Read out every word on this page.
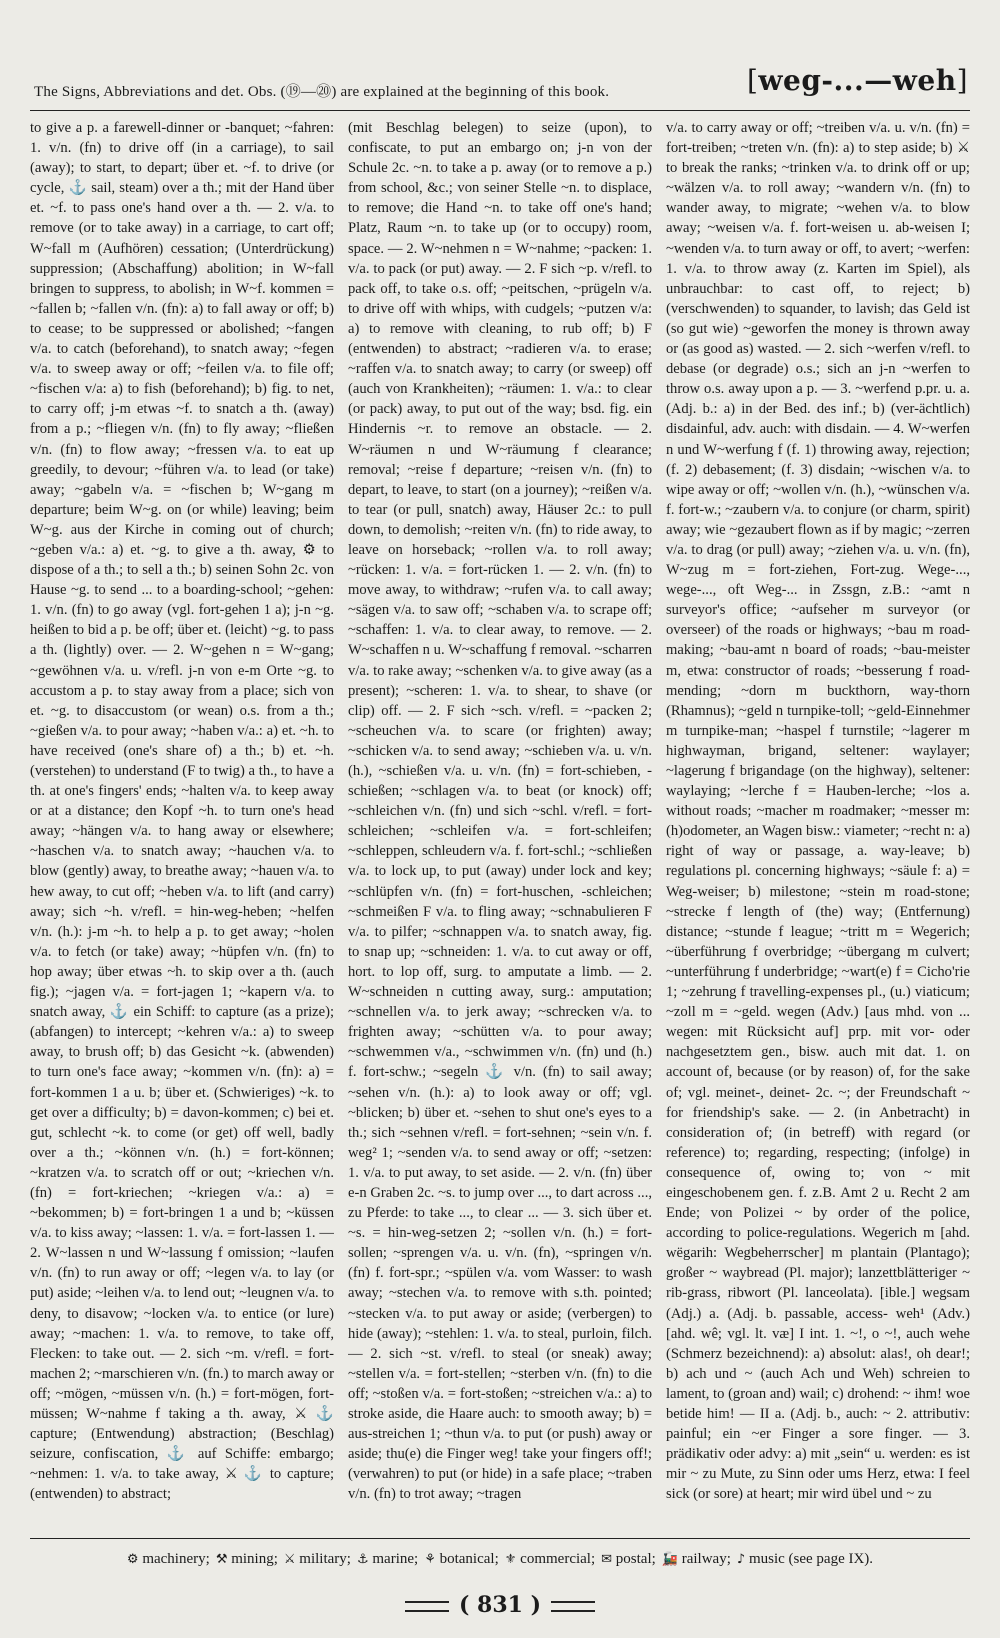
The Signs, Abbreviations and det. Obs. (⑲—⑳) are explained at the beginning of this book.	[weg-...—weh]

to give a p. a farewell-dinner or -banquet; ~fahren: 1. v/n. (fn) to drive off (in a carriage), to sail (away); to start, to depart; über et. ~f. to drive (or cycle, ⚓ sail, steam) over a th.; mit der Hand über et. ~f. to pass one's hand over a th. — 2. v/a. to remove (or to take away) in a carriage, to cart off; W~fall m (Aufhören) cessation; (Unterdrückung) suppression; (Abschaffung) abolition; in W~fall bringen to suppress, to abolish; in W~f. kommen = ~fallen b; ~fallen v/n. (fn): a) to fall away or off; b) to cease; to be suppressed or abolished; ~fangen v/a. to catch (beforehand), to snatch away; ~fegen v/a. to sweep away or off; ~feilen v/a. to file off; ~fischen v/a: a) to fish (beforehand); b) fig. to net, to carry off; j-m etwas ~f. to snatch a th. (away) from a p.; ~fliegen v/n. (fn) to fly away; ~fließen v/n. (fn) to flow away; ~fressen v/a. to eat up greedily, to devour; ~führen v/a. to lead (or take) away; ~gabeln v/a. = ~fischen b; W~gang m departure; beim W~g. on (or while) leaving; beim W~g. aus der Kirche in coming out of church; ~geben v/a.: a) et. ~g. to give a th. away, ⚙ to dispose of a th.; to sell a th.; b) seinen Sohn 2c. von Hause ~g. to send ... to a boarding-school; ~gehen: 1. v/n. (fn) to go away (vgl. fort-gehen 1 a); j-n ~g. heißen to bid a p. be off; über et. (leicht) ~g. to pass a th. (lightly) over. — 2. W~gehen n = W~gang; ~gewöhnen v/a. u. v/refl. j-n von e-m Orte ~g. to accustom a p. to stay away from a place; sich von et. ~g. to disaccustom (or wean) o.s. from a th.; ~gießen v/a. to pour away; ~haben v/a.: a) et. ~h. to have received (one's share of) a th.; b) et. ~h. (verstehen) to understand (F to twig) a th., to have a th. at one's fingers' ends; ~halten v/a. to keep away or at a distance; den Kopf ~h. to turn one's head away; ~hängen v/a. to hang away or elsewhere; ~haschen v/a. to snatch away; ~hauchen v/a. to blow (gently) away, to breathe away; ~hauen v/a. to hew away, to cut off; ~heben v/a. to lift (and carry) away; sich ~h. v/refl. = hin-weg-heben; ~helfen v/n. (h.): j-m ~h. to help a p. to get away; ~holen v/a. to fetch (or take) away; ~hüpfen v/n. (fn) to hop away; über etwas ~h. to skip over a th. (auch fig.); ~jagen v/a. = fort-jagen 1; ~kapern v/a. to snatch away, ⚓ ein Schiff: to capture (as a prize); (abfangen) to intercept; ~kehren v/a.: a) to sweep away, to brush off; b) das Gesicht ~k. (abwenden) to turn one's face away; ~kommen v/n. (fn): a) = fort-kommen 1 a u. b; über et. (Schwieriges) ~k. to get over a difficulty; b) = davon-kommen; c) bei et. gut, schlecht ~k. to come (or get) off well, badly over a th.; ~können v/n. (h.) = fort-können; ~kratzen v/a. to scratch off or out; ~kriechen v/n. (fn) = fort-kriechen; ~kriegen v/a.: a) = ~bekommen; b) = fort-bringen 1 a und b; ~küssen v/a. to kiss away; ~lassen: 1. v/a. = fort-lassen 1. — 2. W~lassen n und W~lassung f omission; ~laufen v/n. (fn) to run away or off; ~legen v/a. to lay (or put) aside; ~leihen v/a. to lend out; ~leugnen v/a. to deny, to disavow; ~locken v/a. to entice (or lure) away; ~machen: 1. v/a. to remove, to take off, Flecken: to take out. — 2. sich ~m. v/refl. = fort-machen 2; ~marschieren v/n. (fn.) to march away or off; ~mögen, ~müssen v/n. (h.) = fort-mögen, fort-müssen; W~nahme f taking a th. away, ⚔ ⚓ capture; (Entwendung) abstraction; (Beschlag) seizure, confiscation, ⚓ auf Schiffe: embargo; ~nehmen: 1. v/a. to take away, ⚔ ⚓ to capture; (entwenden) to abstract;

(mit Beschlag belegen) to seize (upon), to confiscate, to put an embargo on; j-n von der Schule 2c. ~n. to take a p. away (or to remove a p.) from school, &c.; von seiner Stelle ~n. to displace, to remove; die Hand ~n. to take off one's hand; Platz, Raum ~n. to take up (or to occupy) room, space. — 2. W~nehmen n = W~nahme; ~packen: 1. v/a. to pack (or put) away. — 2. F sich ~p. v/refl. to pack off, to take o.s. off; ~peitschen, ~prügeln v/a. to drive off with whips, with cudgels; ~putzen v/a: a) to remove with cleaning, to rub off; b) F (entwenden) to abstract; ~radieren v/a. to erase; ~raffen v/a. to snatch away; to carry (or sweep) off (auch von Krankheiten); ~räumen: 1. v/a.: to clear (or pack) away, to put out of the way; bsd. fig. ein Hindernis ~r. to remove an obstacle. — 2. W~räumen n und W~räumung f clearance; removal; ~reise f departure; ~reisen v/n. (fn) to depart, to leave, to start (on a journey); ~reißen v/a. to tear (or pull, snatch) away, Häuser 2c.: to pull down, to demolish; ~reiten v/n. (fn) to ride away, to leave on horseback; ~rollen v/a. to roll away; ~rücken: 1. v/a. = fort-rücken 1. — 2. v/n. (fn) to move away, to withdraw; ~rufen v/a. to call away; ~sägen v/a. to saw off; ~schaben v/a. to scrape off; ~schaffen: 1. v/a. to clear away, to remove. — 2. W~schaffen n u. W~schaffung f removal. ~scharren v/a. to rake away; ~schenken v/a. to give away (as a present); ~scheren: 1. v/a. to shear, to shave (or clip) off. — 2. F sich ~sch. v/refl. = ~packen 2; ~scheuchen v/a. to scare (or frighten) away; ~schicken v/a. to send away; ~schieben v/a. u. v/n. (h.), ~schießen v/a. u. v/n. (fn) = fort-schieben, -schießen; ~schlagen v/a. to beat (or knock) off; ~schleichen v/n. (fn) und sich ~schl. v/refl. = fort-schleichen; ~schleifen v/a. = fort-schleifen; ~schleppen, schleudern v/a. f. fort-schl.; ~schließen v/a. to lock up, to put (away) under lock and key; ~schlüpfen v/n. (fn) = fort-huschen, -schleichen; ~schmeißen F v/a. to fling away; ~schnabulieren F v/a. to pilfer; ~schnappen v/a. to snatch away, fig. to snap up; ~schneiden: 1. v/a. to cut away or off, hort. to lop off, surg. to amputate a limb. — 2. W~schneiden n cutting away, surg.: amputation; ~schnellen v/a. to jerk away; ~schrecken v/a. to frighten away; ~schütten v/a. to pour away; ~schwemmen v/a., ~schwimmen v/n. (fn) und (h.) f. fort-schw.; ~segeln ⚓ v/n. (fn) to sail away; ~sehen v/n. (h.): a) to look away or off; vgl. ~blicken; b) über et. ~sehen to shut one's eyes to a th.; sich ~sehnen v/refl. = fort-sehnen; ~sein v/n. f. weg² 1; ~senden v/a. to send away or off; ~setzen: 1. v/a. to put away, to set aside. — 2. v/n. (fn) über e-n Graben 2c. ~s. to jump over ..., to dart across ..., zu Pferde: to take ..., to clear ... — 3. sich über et. ~s. = hin-weg-setzen 2; ~sollen v/n. (h.) = fort-sollen; ~sprengen v/a. u. v/n. (fn), ~springen v/n. (fn) f. fort-spr.; ~spülen v/a. vom Wasser: to wash away; ~stechen v/a. to remove with s.th. pointed; ~stecken v/a. to put away or aside; (verbergen) to hide (away); ~stehlen: 1. v/a. to steal, purloin, filch. — 2. sich ~st. v/refl. to steal (or sneak) away; ~stellen v/a. = fort-stellen; ~sterben v/n. (fn) to die off; ~stoßen v/a. = fort-stoßen; ~streichen v/a.: a) to stroke aside, die Haare auch: to smooth away; b) = aus-streichen 1; ~thun v/a. to put (or push) away or aside; thu(e) die Finger weg! take your fingers off!; (verwahren) to put (or hide) in a safe place; ~traben v/n. (fn) to trot away; ~tragen

v/a. to carry away or off; ~treiben v/a. u. v/n. (fn) = fort-treiben; ~treten v/n. (fn): a) to step aside; b) ⚔ to break the ranks; ~trinken v/a. to drink off or up; ~wälzen v/a. to roll away; ~wandern v/n. (fn) to wander away, to migrate; ~wehen v/a. to blow away; ~weisen v/a. f. fort-weisen u. ab-weisen I; ~wenden v/a. to turn away or off, to avert; ~werfen: 1. v/a. to throw away (z. Karten im Spiel), als unbrauchbar: to cast off, to reject; b) (verschwenden) to squander, to lavish; das Geld ist (so gut wie) ~geworfen the money is thrown away or (as good as) wasted. — 2. sich ~werfen v/refl. to debase (or degrade) o.s.; sich an j-n ~werfen to throw o.s. away upon a p. — 3. ~werfend p.pr. u. a. (Adj. b.: a) in der Bed. des inf.; b) (ver-ächtlich) disdainful, adv. auch: with disdain. — 4. W~werfen n und W~werfung f (f. 1) throwing away, rejection; (f. 2) debasement; (f. 3) disdain; ~wischen v/a. to wipe away or off; ~wollen v/n. (h.), ~wünschen v/a. f. fort-w.; ~zaubern v/a. to conjure (or charm, spirit) away; wie ~gezaubert flown as if by magic; ~zerren v/a. to drag (or pull) away; ~ziehen v/a. u. v/n. (fn), W~zug m = fort-ziehen, Fort-zug. Wege-..., wege-..., oft Weg-... in Zssgn, z.B.: ~amt n surveyor's office; ~aufseher m surveyor (or overseer) of the roads or highways; ~bau m road-making; ~bau-amt n board of roads; ~bau-meister m, etwa: constructor of roads; ~besserung f road-mending; ~dorn m buckthorn, way-thorn (Rhamnus); ~geld n turnpike-toll; ~geld-Einnehmer m turnpike-man; ~haspel f turnstile; ~lagerer m highwayman, brigand, seltener: waylayer; ~lagerung f brigandage (on the highway), seltener: waylaying; ~lerche f = Hauben-lerche; ~los a. without roads; ~macher m roadmaker; ~messer m: (h)odometer, an Wagen bisw.: viameter; ~recht n: a) right of way or passage, a. way-leave; b) regulations pl. concerning highways; ~säule f: a) = Weg-weiser; b) milestone; ~stein m road-stone; ~strecke f length of (the) way; (Entfernung) distance; ~stunde f league; ~tritt m = Wegerich; ~überführung f overbridge; ~übergang m culvert; ~unterführung f underbridge; ~wart(e) f = Cicho'rie 1; ~zehrung f travelling-expenses pl., (u.) viaticum; ~zoll m = ~geld. wegen (Adv.) [aus mhd. von ... wegen: mit Rücksicht auf] prp. mit vor- oder nachgesetztem gen., bisw. auch mit dat. 1. on account of, because (or by reason) of, for the sake of; vgl. meinet-, deinet- 2c. ~; der Freundschaft ~ for friendship's sake. — 2. (in Anbetracht) in consideration of; (in betreff) with regard (or reference) to; regarding, respecting; (infolge) in consequence of, owing to; von ~ mit eingeschobenem gen. f. z.B. Amt 2 u. Recht 2 am Ende; von Polizei ~ by order of the police, according to police-regulations. Wegerich m [ahd. wëgarih: Wegbeherrscher] m plantain (Plantago); großer ~ waybread (Pl. major); lanzettblätteriger ~ rib-grass, ribwort (Pl. lanceolata). [ible.] wegsam (Adj.) a. (Adj. b. passable, access- weh¹ (Adv.) [ahd. wê; vgl. lt. væ] I int. 1. ~!, o ~!, auch wehe (Schmerz bezeichnend): a) absolut: alas!, oh dear!; b) ach und ~ (auch Ach und Weh) schreien to lament, to (groan and) wail; c) drohend: ~ ihm! woe betide him! — II a. (Adj. b., auch: ~ 2. attributiv: painful; ein ~er Finger a sore finger. — 3. prädikativ oder advy: a) mit „sein“ u. werden: es ist mir ~ zu Mute, zu Sinn oder ums Herz, etwa: I feel sick (or sore) at heart; mir wird übel und ~ zu

⚙ machinery; ⚒ mining; ⚔ military; ⚓ marine; ⚘ botanical; ⚜ commercial; ✉ postal; 🚂 railway; ♪ music (see page IX).
( 831 )
